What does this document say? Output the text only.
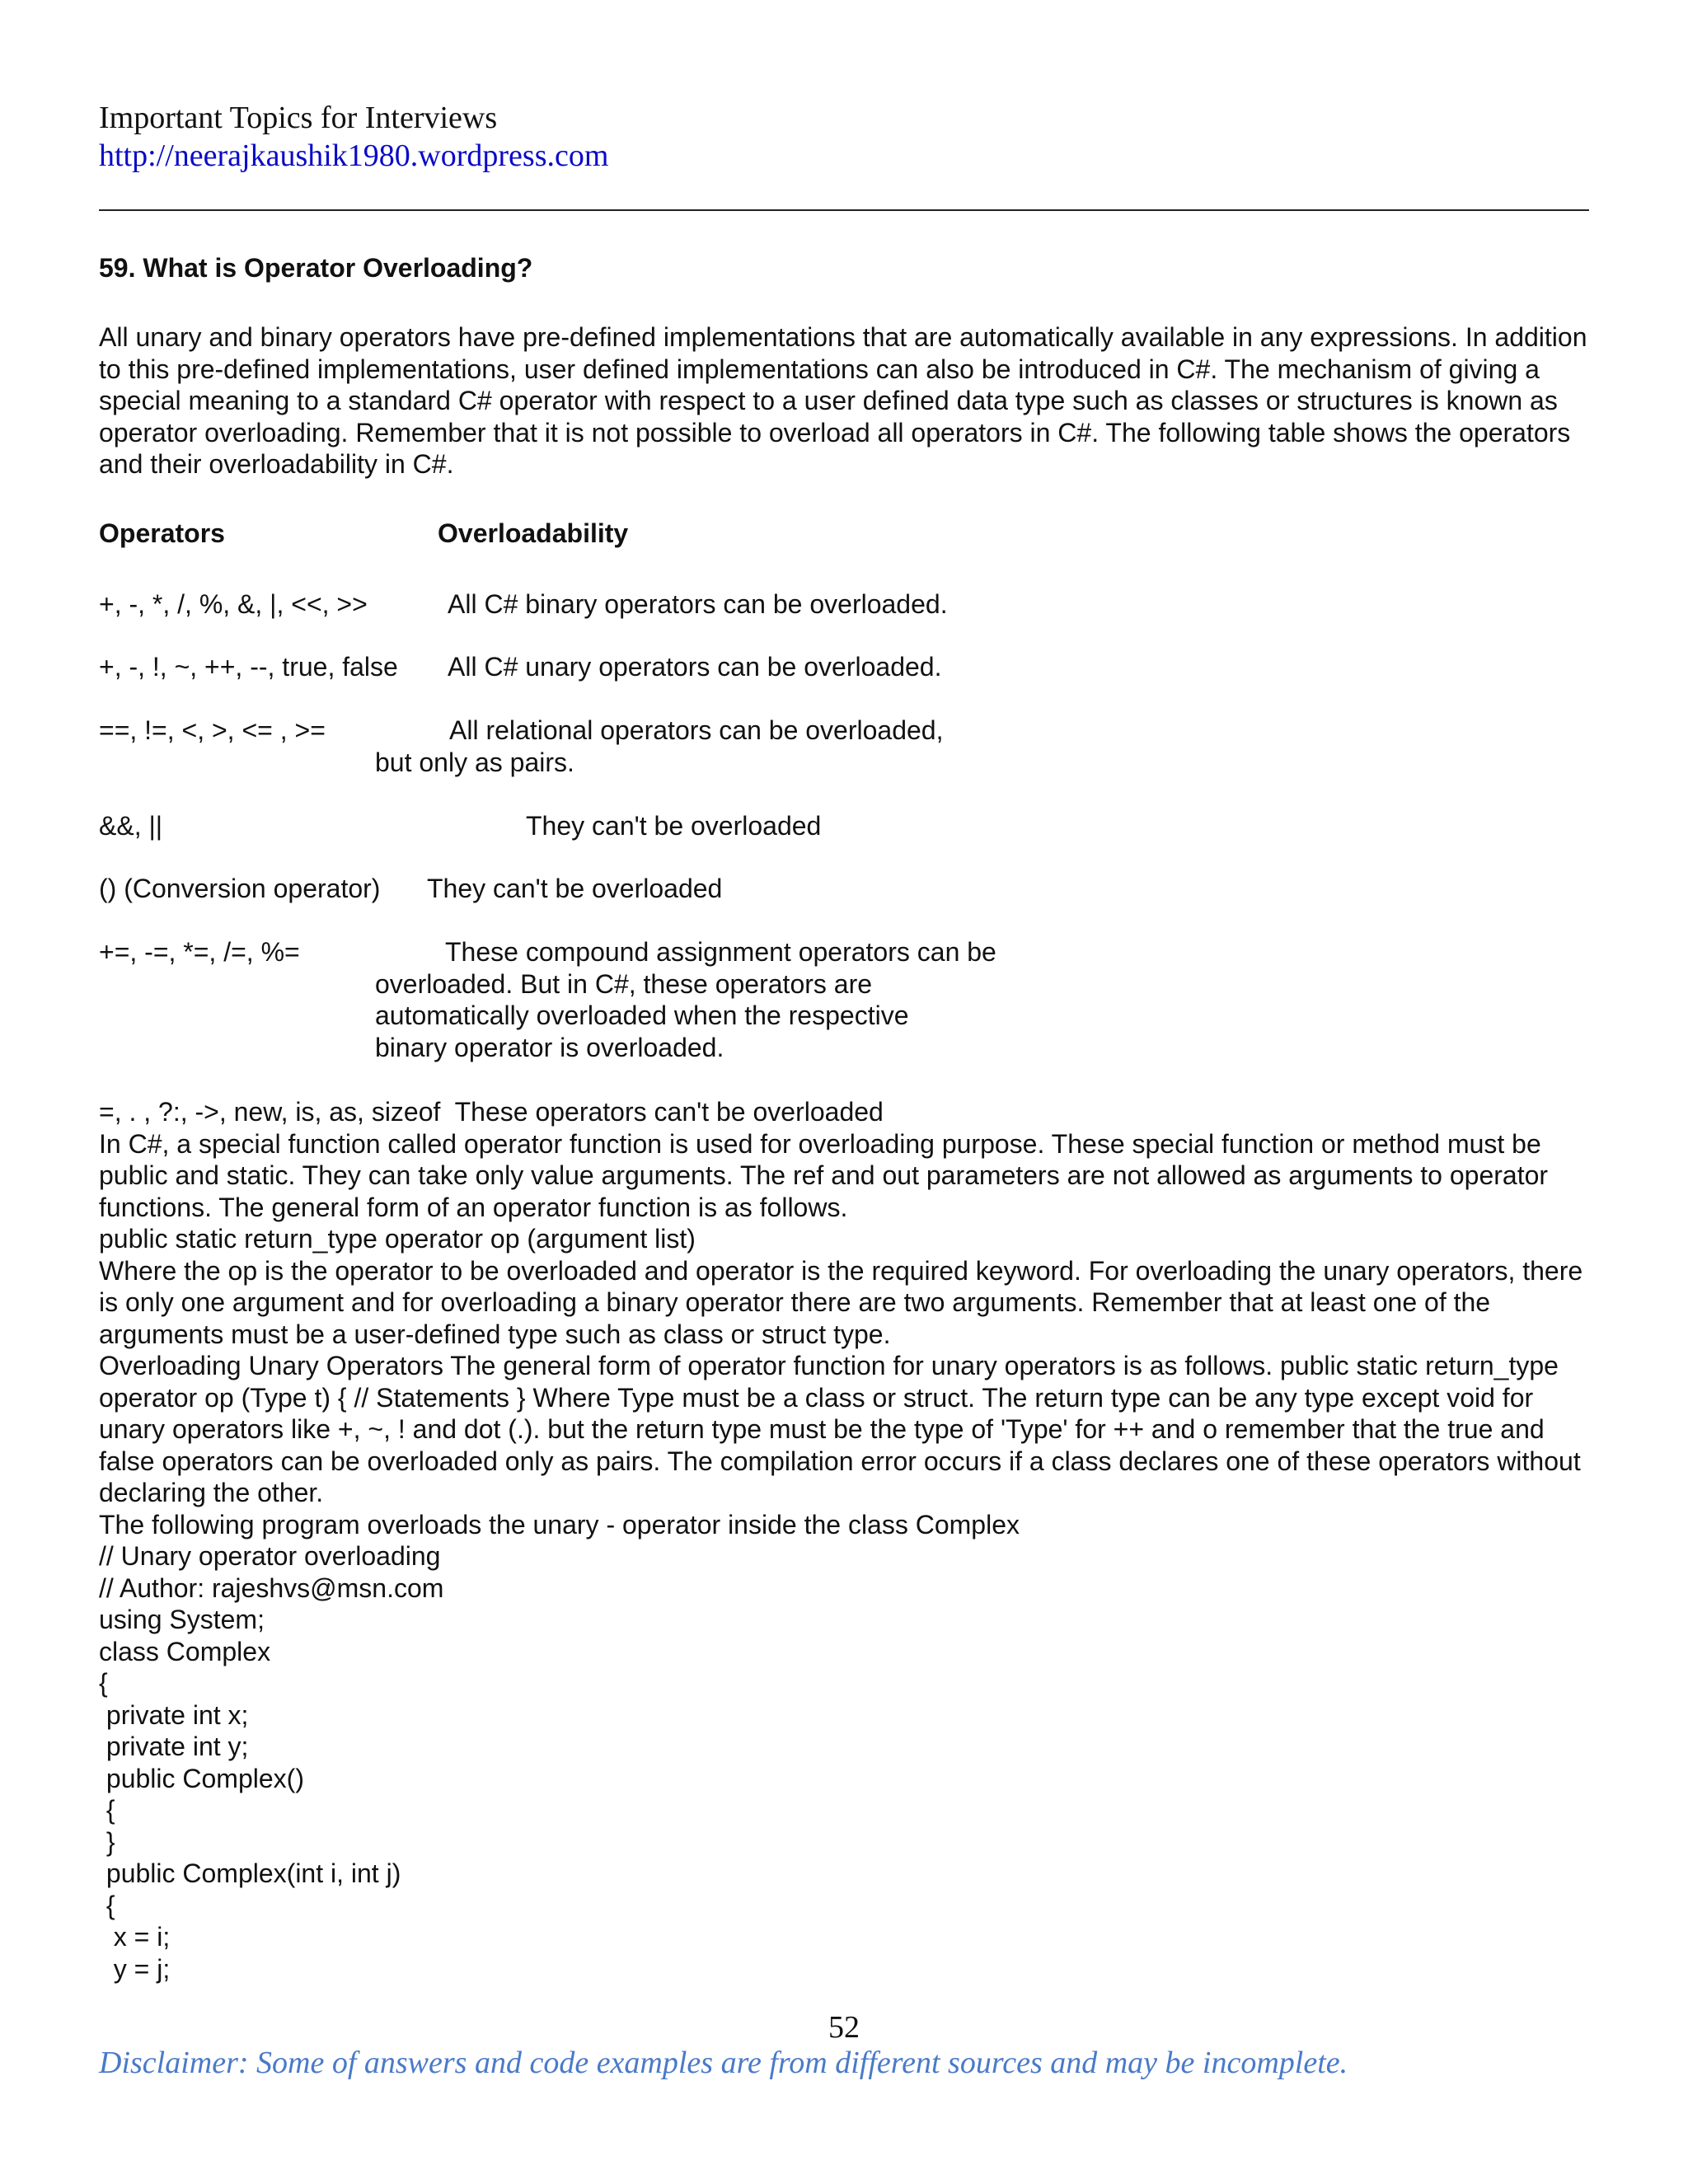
Important Topics for Interviews
http://neerajkaushik1980.wordpress.com
59. What is Operator Overloading?
All unary and binary operators have pre-defined implementations that are automatically available in any expressions. In addition to this pre-defined implementations, user defined implementations can also be introduced in C#. The mechanism of giving a special meaning to a standard C# operator with respect to a user defined data type such as classes or structures is known as operator overloading. Remember that it is not possible to overload all operators in C#. The following table shows the operators and their overloadability in C#.
Operators	Overloadability
+, -, *, /, %, &, |, <<, >>	All C# binary operators can be overloaded.
+, -, !, ~, ++, --, true, false All C# unary operators can be overloaded.
==, !=, <, >, <= , >=	All relational operators can be overloaded,
but only as pairs.
&&, ||	They can't be overloaded
() (Conversion operator) They can't be overloaded
+=, -=, *=, /=, %=	These compound assignment operators can be
overloaded. But in C#, these operators are
automatically overloaded when the respective
binary operator is overloaded.
=, . , ?:, ->, new, is, as, sizeof  These operators can't be overloaded
In C#, a special function called operator function is used for overloading purpose. These special function or method must be public and static. They can take only value arguments. The ref and out parameters are not allowed as arguments to operator functions. The general form of an operator function is as follows.
public static return_type operator op (argument list)
Where the op is the operator to be overloaded and operator is the required keyword. For overloading the unary operators, there is only one argument and for overloading a binary operator there are two arguments. Remember that at least one of the arguments must be a user-defined type such as class or struct type.
Overloading Unary Operators The general form of operator function for unary operators is as follows. public static return_type operator op (Type t) { // Statements } Where Type must be a class or struct. The return type can be any type except void for unary operators like +, ~, ! and dot (.). but the return type must be the type of 'Type' for ++ and o remember that the true and false operators can be overloaded only as pairs. The compilation error occurs if a class declares one of these operators without declaring the other.
The following program overloads the unary - operator inside the class Complex
// Unary operator overloading
// Author: rajeshvs@msn.com
using System;
class Complex
{
private int x;
private int y;
public Complex()
{
}
public Complex(int i, int j)
{
x = i;
y = j;
52
Disclaimer: Some of answers and code examples are from different sources and may be incomplete.
